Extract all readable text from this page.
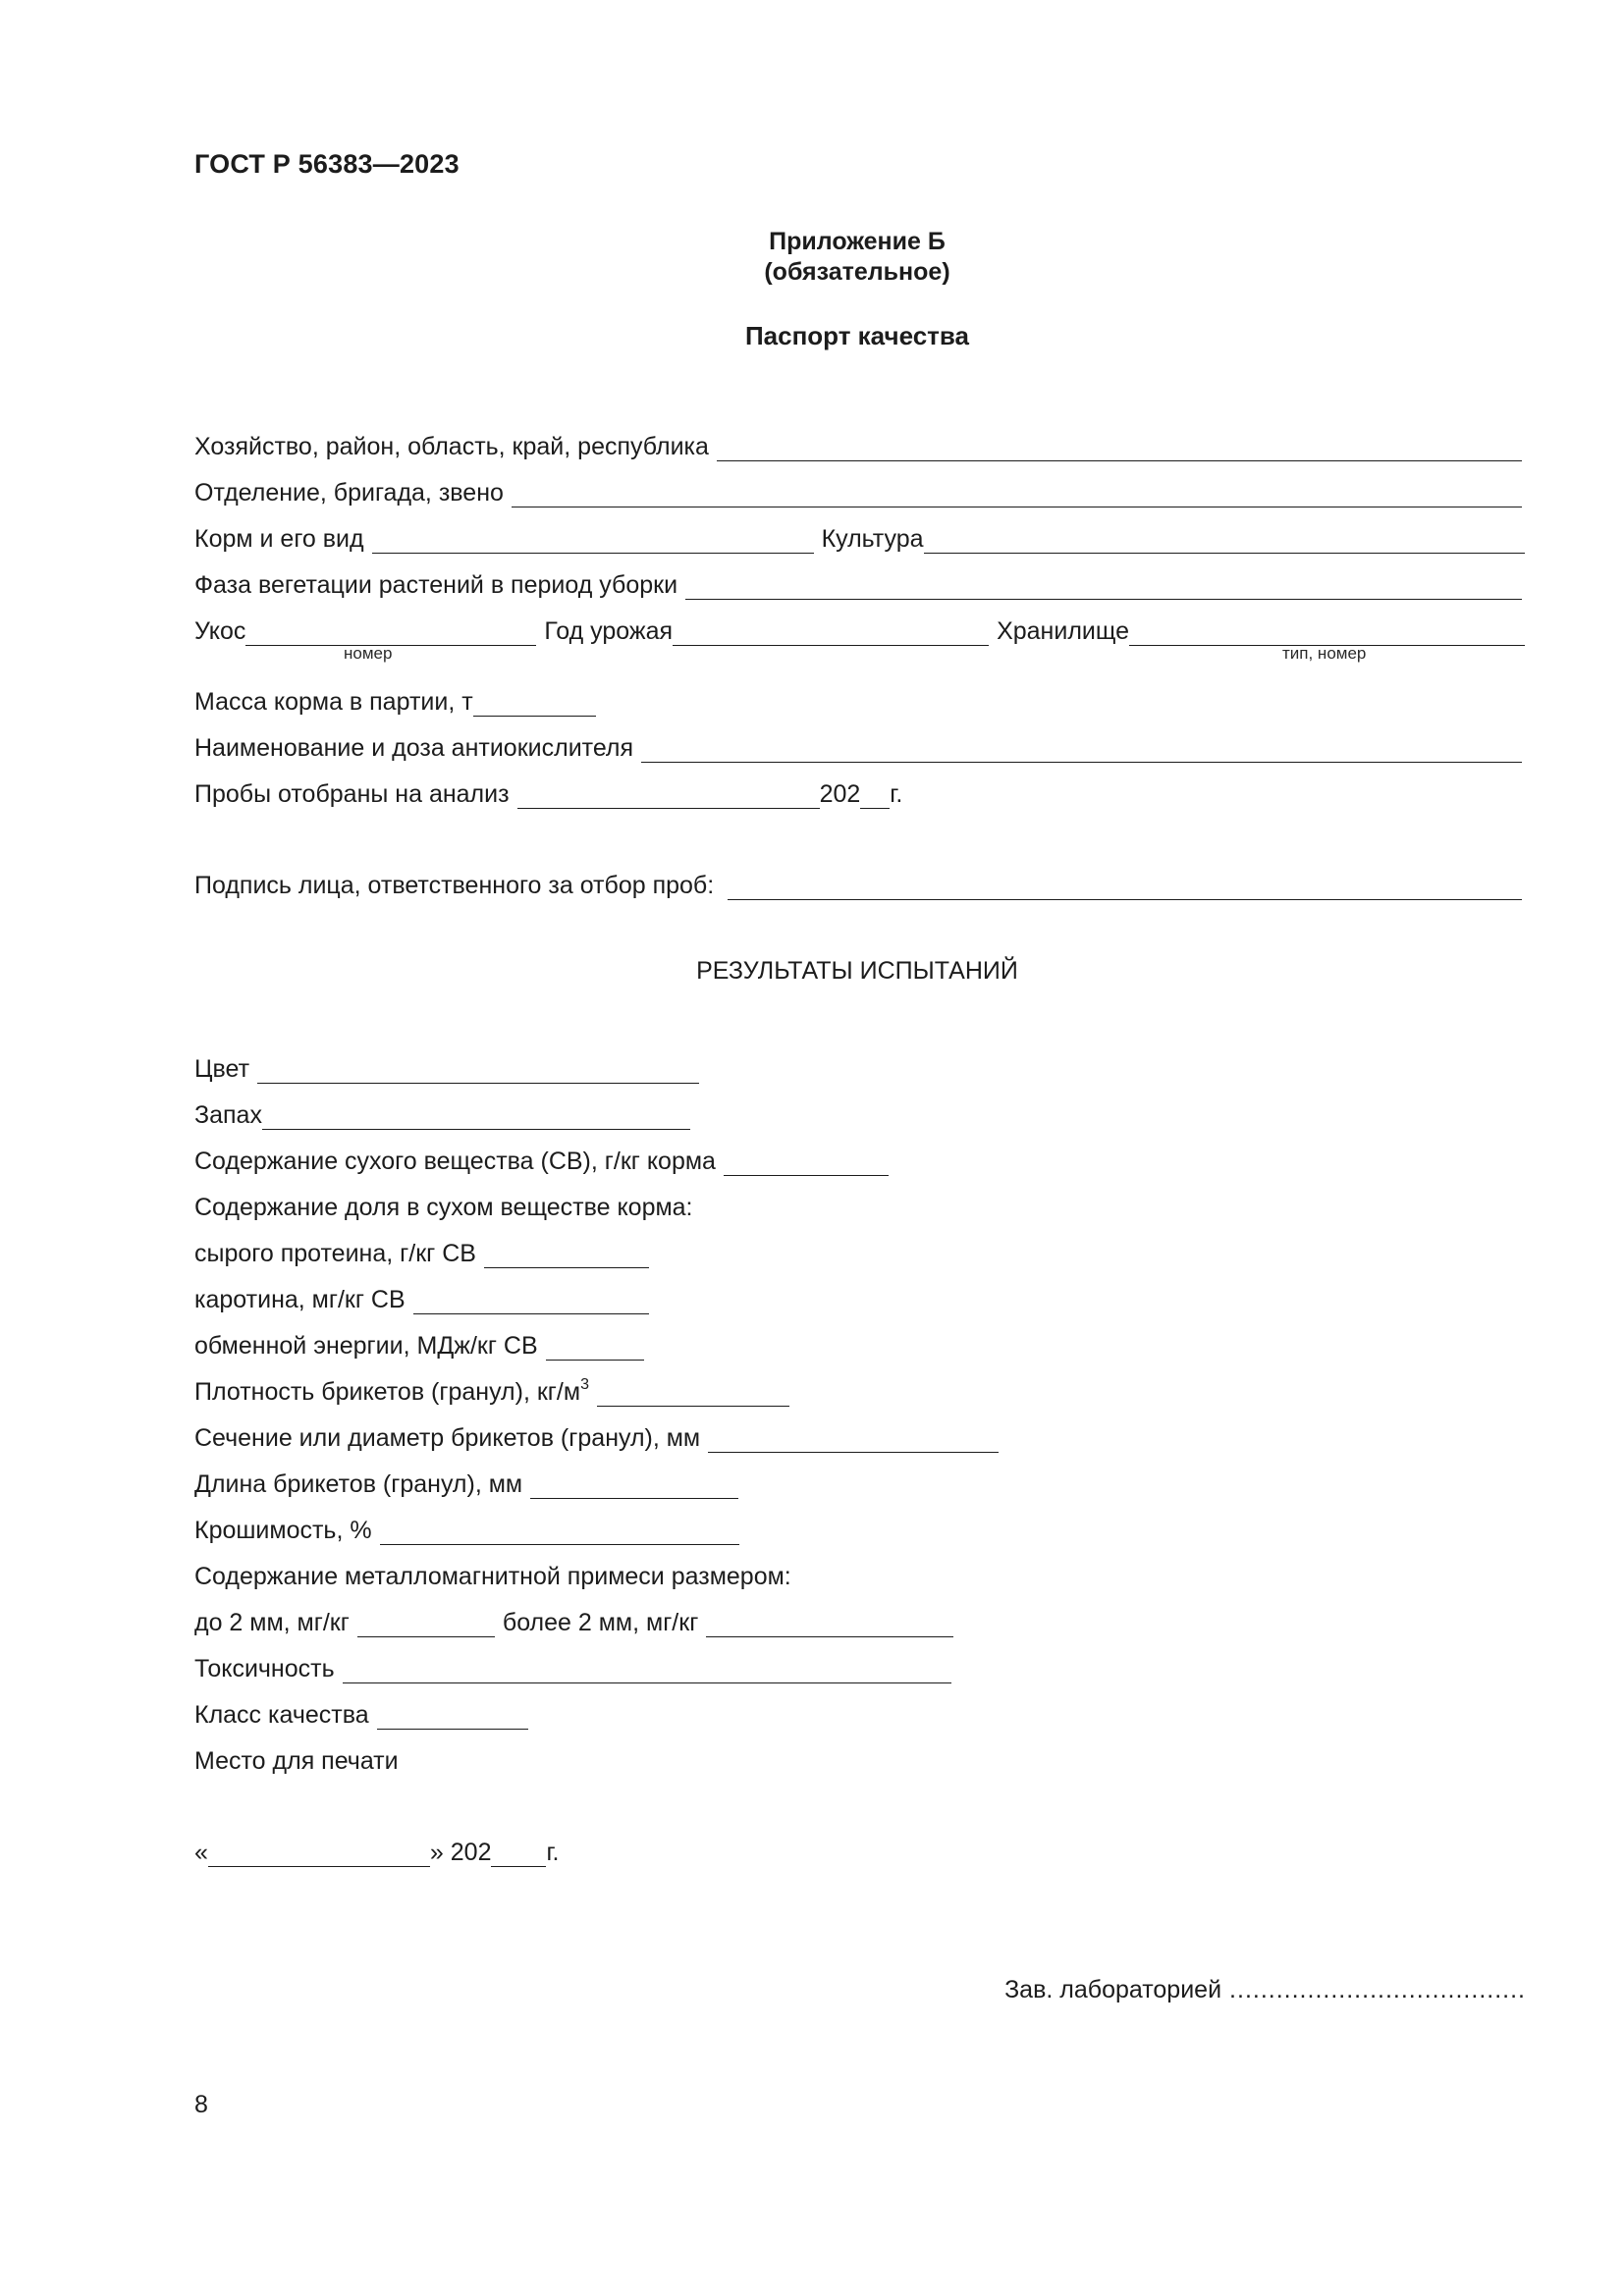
ГОСТ Р 56383—2023
Приложение Б
(обязательное)
Паспорт качества
Хозяйство, район, область, край, республика
Отделение, бригада, звено
Корм и его вид	Культура
Фаза вегетации растений в период уборки
Укос	Год урожая	Хранилище
номер	тип, номер
Масса корма в партии, т
Наименование и доза антиокислителя
Пробы отобраны на анализ	202 г.
Подпись лица, ответственного за отбор проб:
РЕЗУЛЬТАТЫ ИСПЫТАНИЙ
Цвет
Запах
Содержание сухого вещества (СВ), г/кг корма
Содержание доля в сухом веществе корма:
сырого протеина, г/кг СВ
каротина, мг/кг СВ
обменной энергии, МДж/кг СВ
Плотность брикетов (гранул), $кг/м^3$
Сечение или диаметр брикетов (гранул), мм
Длина брикетов (гранул), мм
Крошимость, %
Содержание металломагнитной примеси размером:
до 2 мм, мг/кг	более 2 мм, мг/кг
Токсичность
Класс качества
Место для печати
«	» 202 г.
Зав. лабораторией ......................................
8
